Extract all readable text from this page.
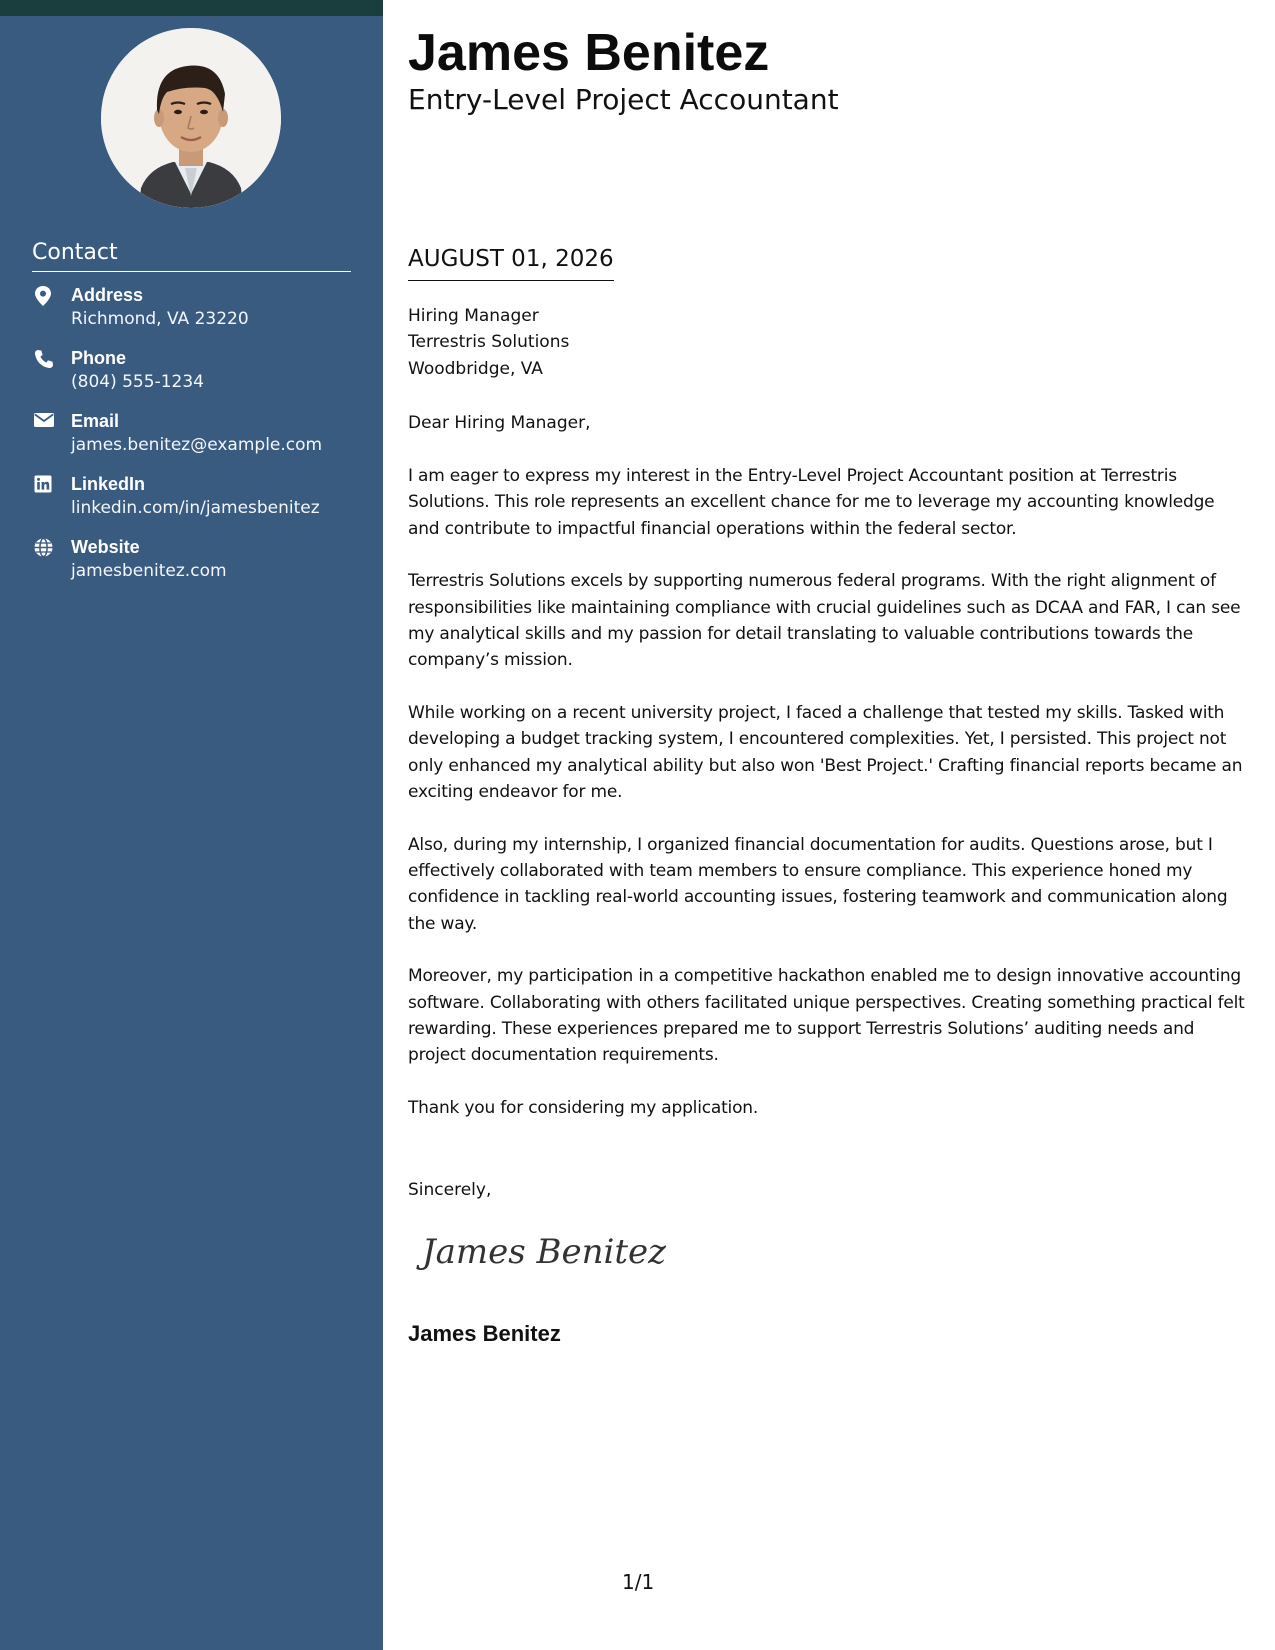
Contact
Address
Richmond, VA 23220
Phone
(804) 555-1234
Email
james.benitez@example.com
LinkedIn
linkedin.com/in/jamesbenitez
Website
jamesbenitez.com
James Benitez
Entry-Level Project Accountant
AUGUST 01, 2026
Hiring Manager
Terrestris Solutions
Woodbridge, VA
Dear Hiring Manager,

I am eager to express my interest in the Entry-Level Project Accountant position at Terrestris Solutions. This role represents an excellent chance for me to leverage my accounting knowledge and contribute to impactful financial operations within the federal sector.

Terrestris Solutions excels by supporting numerous federal programs. With the right alignment of responsibilities like maintaining compliance with crucial guidelines such as DCAA and FAR, I can see my analytical skills and my passion for detail translating to valuable contributions towards the company’s mission.

While working on a recent university project, I faced a challenge that tested my skills. Tasked with developing a budget tracking system, I encountered complexities. Yet, I persisted. This project not only enhanced my analytical ability but also won 'Best Project.' Crafting financial reports became an exciting endeavor for me.

Also, during my internship, I organized financial documentation for audits. Questions arose, but I effectively collaborated with team members to ensure compliance. This experience honed my confidence in tackling real-world accounting issues, fostering teamwork and communication along the way.

Moreover, my participation in a competitive hackathon enabled me to design innovative accounting software. Collaborating with others facilitated unique perspectives. Creating something practical felt rewarding. These experiences prepared me to support Terrestris Solutions’ auditing needs and project documentation requirements.

Thank you for considering my application.

Sincerely,
James Benitez
James Benitez
1/1
